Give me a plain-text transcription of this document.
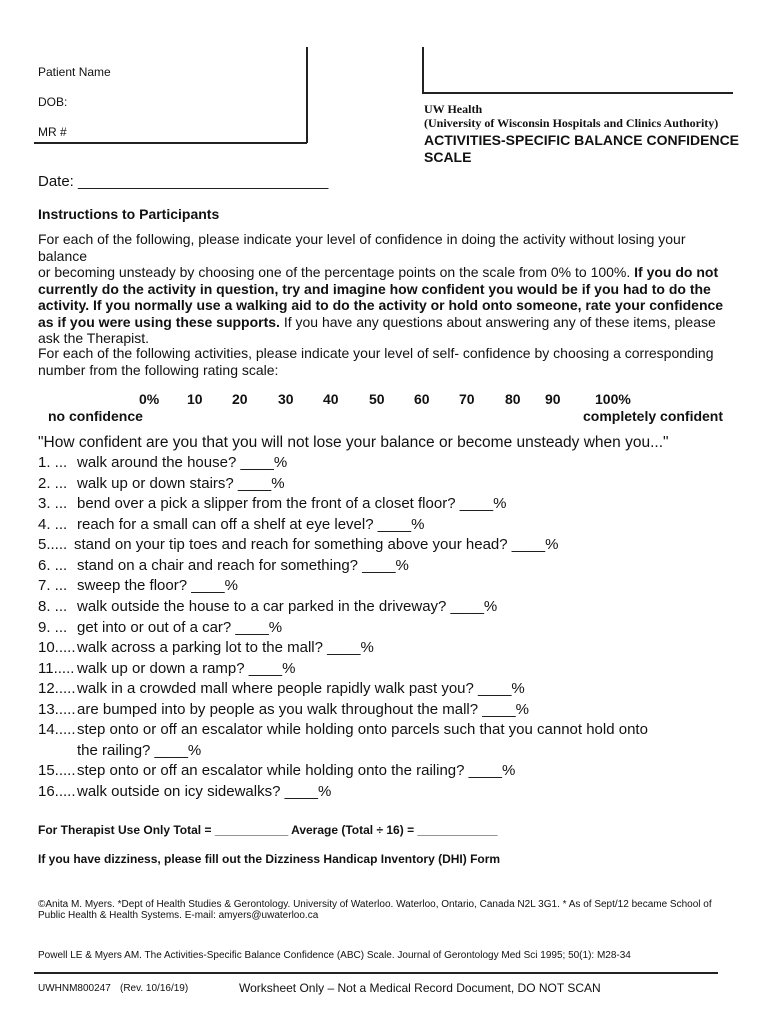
Patient Name
DOB:
MR #
UW Health
(University of Wisconsin Hospitals and Clinics Authority)
ACTIVITIES-SPECIFIC BALANCE CONFIDENCE
SCALE
Date: ______________________________
Instructions to Participants
For each of the following, please indicate your level of confidence in doing the activity without losing your balance
or becoming unsteady by choosing one of the percentage points on the scale from 0% to 100%. If you do not
currently do the activity in question, try and imagine how confident you would be if you had to do the
activity. If you normally use a walking aid to do the activity or hold onto someone, rate your confidence
as if you were using these supports. If you have any questions about answering any of these items, please
ask the Therapist.
For each of the following activities, please indicate your level of self- confidence by choosing a corresponding
number from the following rating scale:
0% 10 20 30 40 50 60 70 80 90 100%
no confidence	completely confident
"How confident are you that you will not lose your balance or become unsteady when you..."
1. ... walk around the house? ____%
2. ... walk up or down stairs? ____%
3. ... bend over a pick a slipper from the front of a closet floor? ____%
4. ... reach for a small can off a shelf at eye level? ____%
5..... stand on your tip toes and reach for something above your head? ____%
6. ... stand on a chair and reach for something? ____%
7. ... sweep the floor? ____%
8. ... walk outside the house to a car parked in the driveway? ____%
9. ... get into or out of a car? ____%
10.....walk across a parking lot to the mall? ____%
11..... walk up or down a ramp? ____%
12.....walk in a crowded mall where people rapidly walk past you? ____%
13.....are bumped into by people as you walk throughout the mall? ____%
14.....step onto or off an escalator while holding onto parcels such that you cannot hold onto
the railing? ____%
15.....step onto or off an escalator while holding onto the railing? ____%
16.....walk outside on icy sidewalks? ____%
For Therapist Use Only Total = ___________ Average (Total ÷ 16) = ____________
If you have dizziness, please fill out the Dizziness Handicap Inventory (DHI) Form
©Anita M. Myers. *Dept of Health Studies & Gerontology. University of Waterloo. Waterloo, Ontario, Canada N2L 3G1. * As of Sept/12 became School of
Public Health & Health Systems. E-mail: amyers@uwaterloo.ca
Powell LE & Myers AM. The Activities-Specific Balance Confidence (ABC) Scale. Journal of Gerontology Med Sci 1995; 50(1): M28-34
UWHNM800247 (Rev. 10/16/19)	Worksheet Only – Not a Medical Record Document, DO NOT SCAN
